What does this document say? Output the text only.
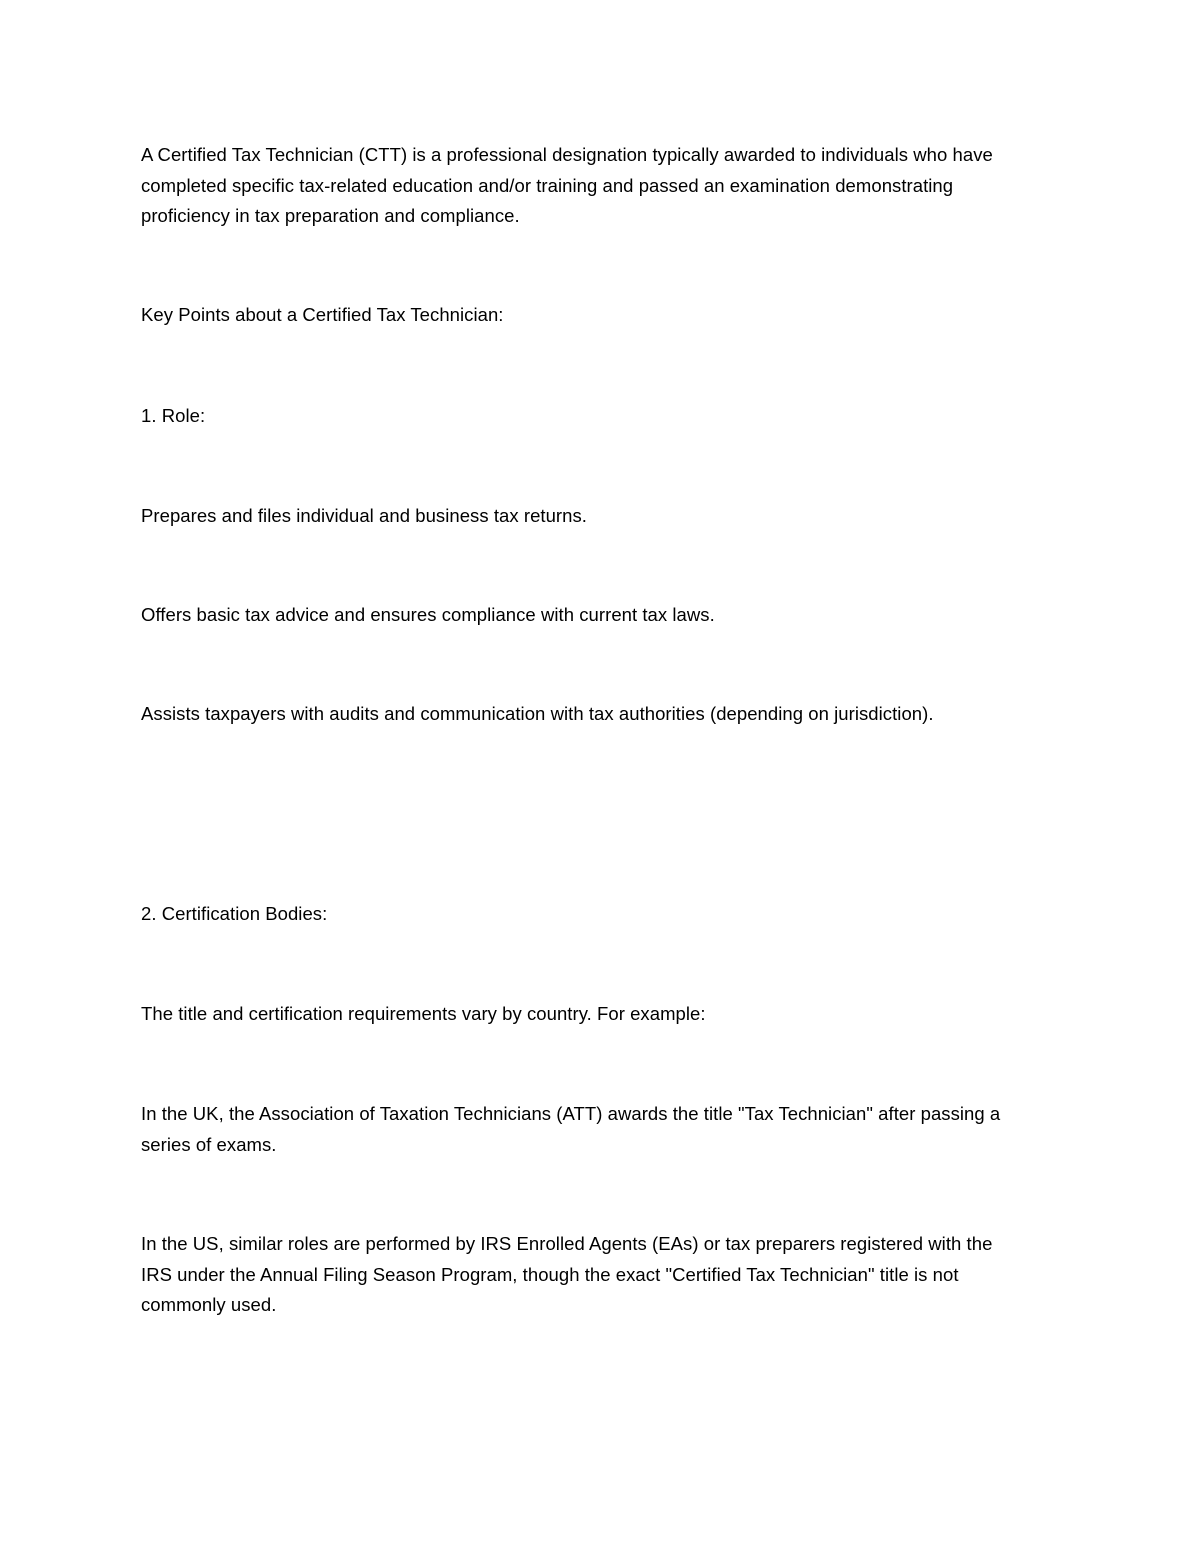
A Certified Tax Technician (CTT) is a professional designation typically awarded to individuals who have
completed specific tax-related education and/or training and passed an examination demonstrating
proficiency in tax preparation and compliance.

Key Points about a Certified Tax Technician:

1. Role:

Prepares and files individual and business tax returns.

Offers basic tax advice and ensures compliance with current tax laws.

Assists taxpayers with audits and communication with tax authorities (depending on jurisdiction).

2. Certification Bodies:

The title and certification requirements vary by country. For example:

In the UK, the Association of Taxation Technicians (ATT) awards the title "Tax Technician" after passing a
series of exams.

In the US, similar roles are performed by IRS Enrolled Agents (EAs) or tax preparers registered with the
IRS under the Annual Filing Season Program, though the exact "Certified Tax Technician" title is not
commonly used.
